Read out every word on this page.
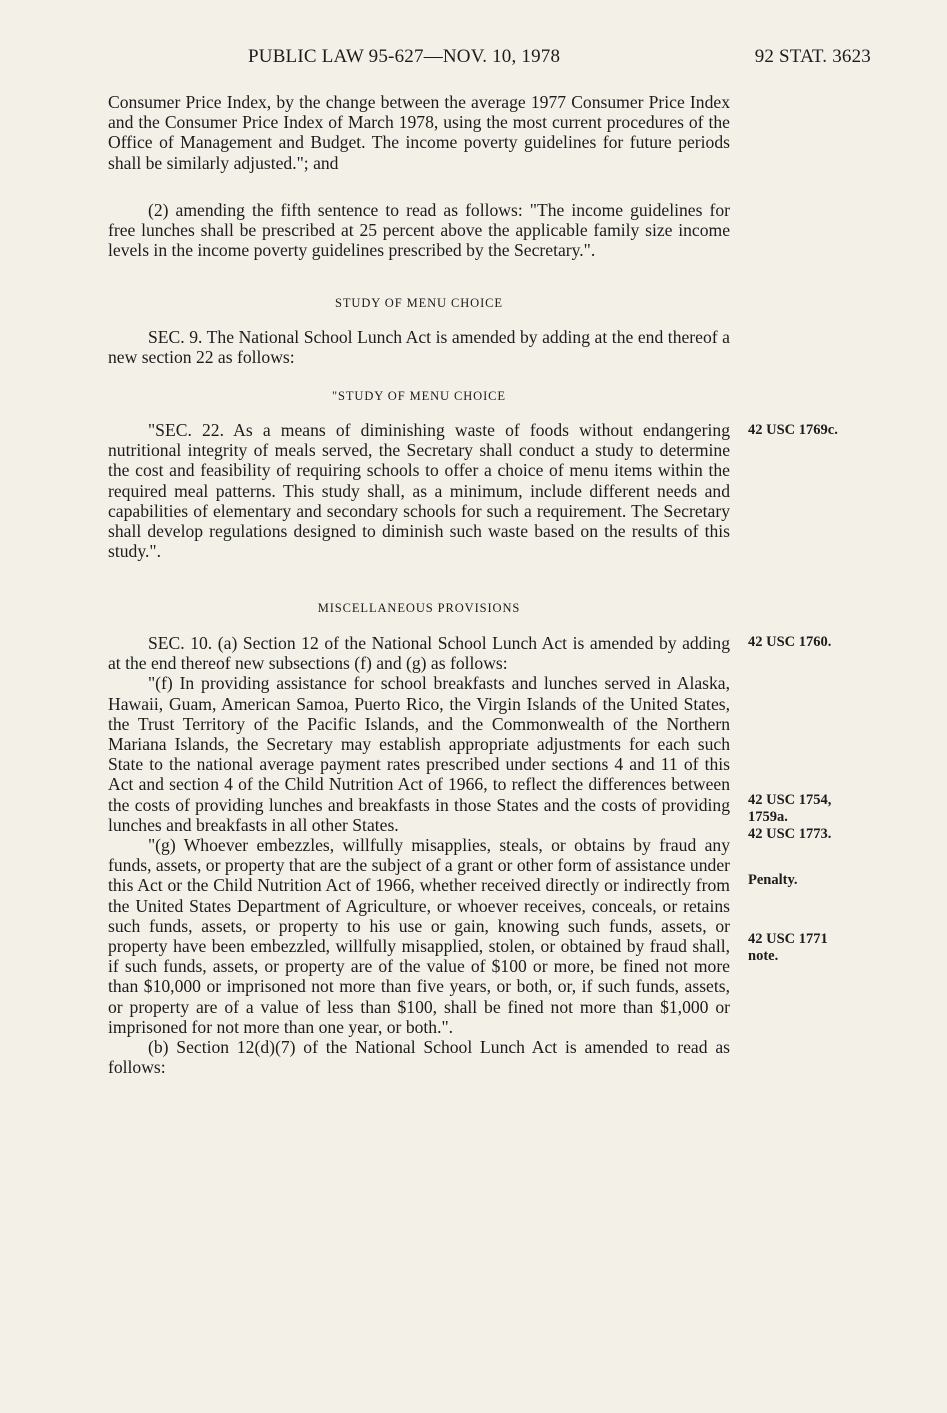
PUBLIC LAW 95-627—NOV. 10, 1978	92 STAT. 3623

Consumer Price Index, by the change between the average 1977 Consumer Price Index and the Consumer Price Index of March 1978, using the most current procedures of the Office of Management and Budget. The income poverty guidelines for future periods shall be similarly adjusted."; and

(2) amending the fifth sentence to read as follows: "The income guidelines for free lunches shall be prescribed at 25 percent above the applicable family size income levels in the income poverty guidelines prescribed by the Secretary.".

STUDY OF MENU CHOICE

SEC. 9. The National School Lunch Act is amended by adding at the end thereof a new section 22 as follows:

"STUDY OF MENU CHOICE

"SEC. 22. As a means of diminishing waste of foods without endangering nutritional integrity of meals served, the Secretary shall conduct a study to determine the cost and feasibility of requiring schools to offer a choice of menu items within the required meal patterns. This study shall, as a minimum, include different needs and capabilities of elementary and secondary schools for such a requirement. The Secretary shall develop regulations designed to diminish such waste based on the results of this study.".

MISCELLANEOUS PROVISIONS

SEC. 10. (a) Section 12 of the National School Lunch Act is amended by adding at the end thereof new subsections (f) and (g) as follows:

"(f) In providing assistance for school breakfasts and lunches served in Alaska, Hawaii, Guam, American Samoa, Puerto Rico, the Virgin Islands of the United States, the Trust Territory of the Pacific Islands, and the Commonwealth of the Northern Mariana Islands, the Secretary may establish appropriate adjustments for each such State to the national average payment rates prescribed under sections 4 and 11 of this Act and section 4 of the Child Nutrition Act of 1966, to reflect the differences between the costs of providing lunches and breakfasts in those States and the costs of providing lunches and breakfasts in all other States.

"(g) Whoever embezzles, willfully misapplies, steals, or obtains by fraud any funds, assets, or property that are the subject of a grant or other form of assistance under this Act or the Child Nutrition Act of 1966, whether received directly or indirectly from the United States Department of Agriculture, or whoever receives, conceals, or retains such funds, assets, or property to his use or gain, knowing such funds, assets, or property have been embezzled, willfully misapplied, stolen, or obtained by fraud shall, if such funds, assets, or property are of the value of $100 or more, be fined not more than $10,000 or imprisoned not more than five years, or both, or, if such funds, assets, or property are of a value of less than $100, shall be fined not more than $1,000 or imprisoned for not more than one year, or both.".

(b) Section 12(d)(7) of the National School Lunch Act is amended to read as follows:

42 USC 1769c.
42 USC 1760.
42 USC 1754,
1759a.
42 USC 1773.
Penalty.
42 USC 1771
note.
